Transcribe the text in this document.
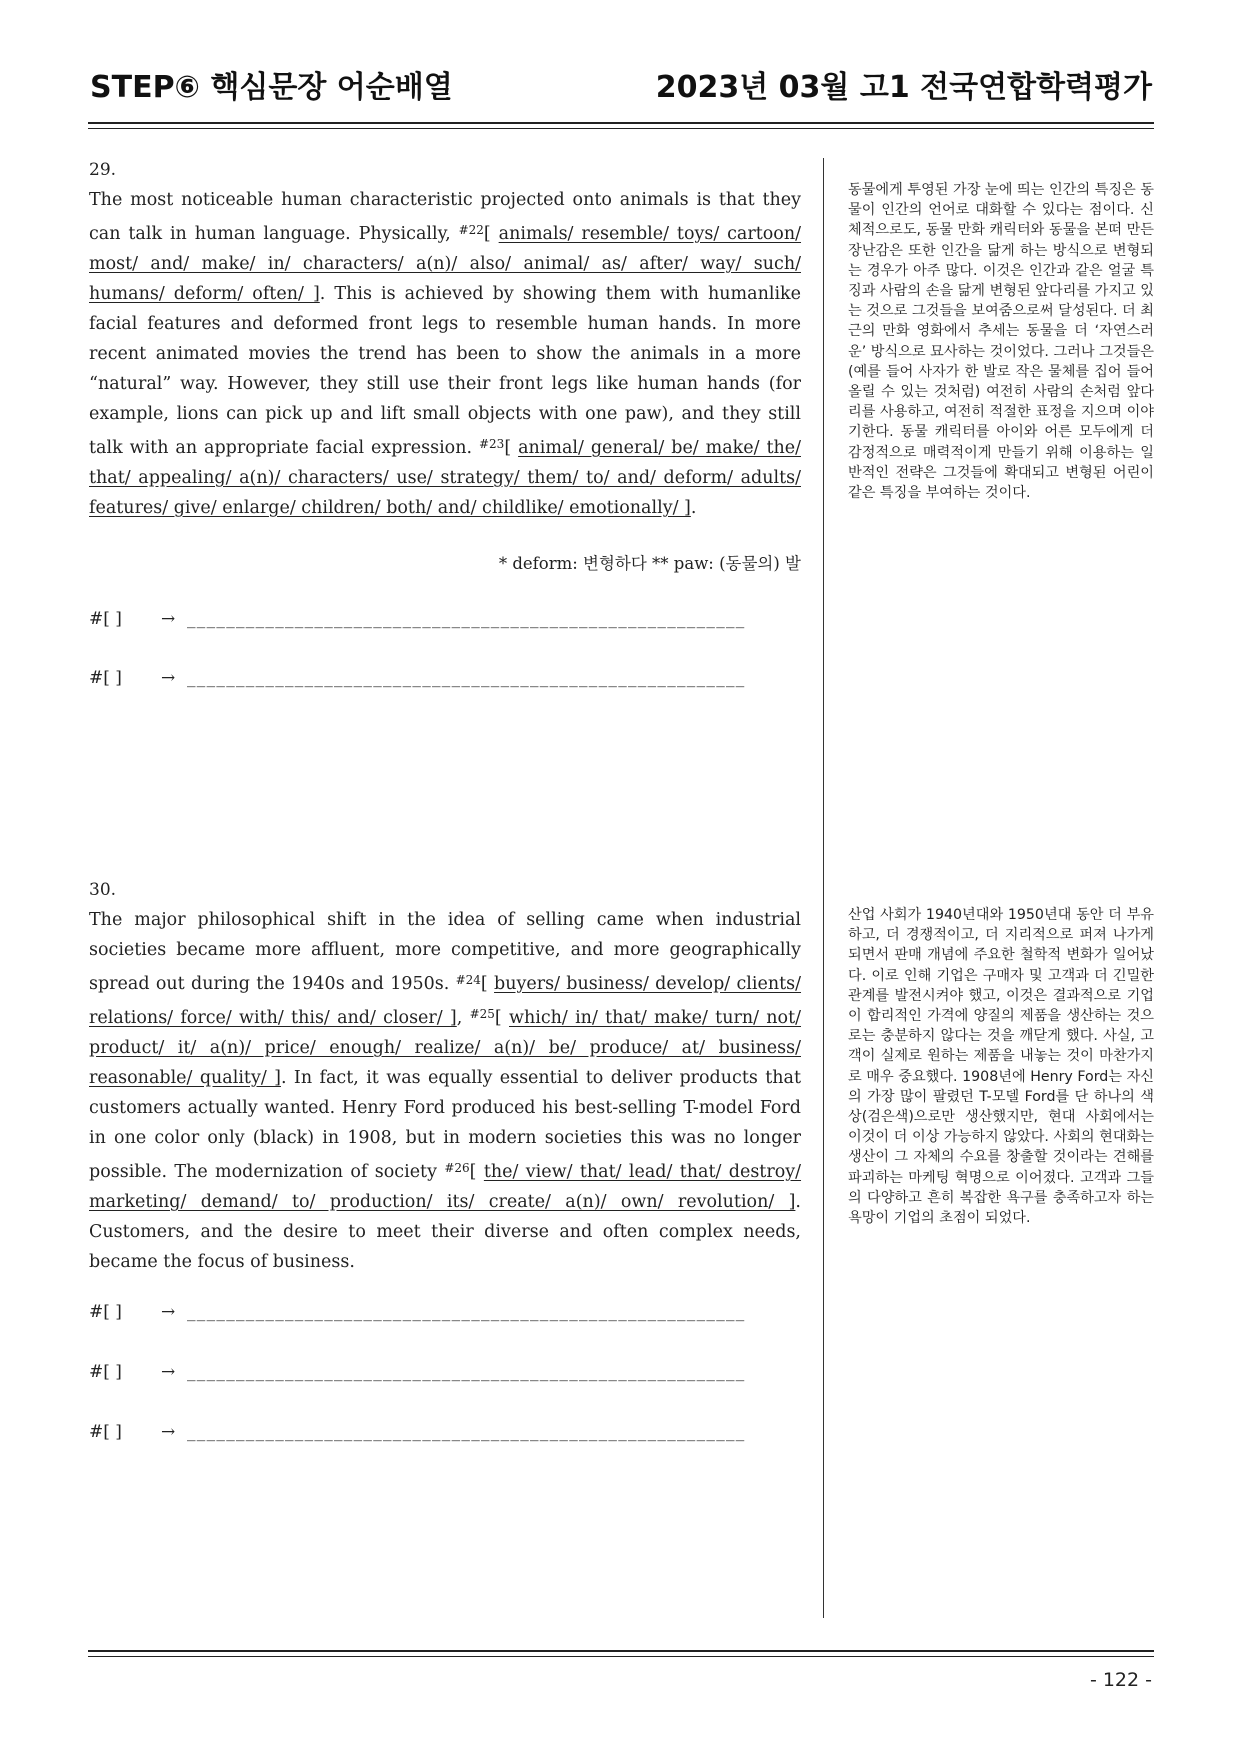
STEP⑥ 핵심문장 어순배열	2023년 03월 고1 전국연합학력평가
29.
The most noticeable human characteristic projected onto animals is that they can talk in human language. Physically, $^{\#22}$[ animals/ resemble/ toys/ cartoon/ most/ and/ make/ in/ characters/ a(n)/ also/ animal/ as/ after/ way/ such/ humans/ deform/ often/ ]. This is achieved by showing them with humanlike facial features and deformed front legs to resemble human hands. In more recent animated movies the trend has been to show the animals in a more “natural” way. However, they still use their front legs like human hands (for example, lions can pick up and lift small objects with one paw), and they still talk with an appropriate facial expression. $^{\#23}$[ animal/ general/ be/ make/ the/ that/ appealing/ a(n)/ characters/ use/ strategy/ them/ to/ and/ deform/ adults/ features/ give/ enlarge/ children/ both/ and/ childlike/ emotionally/ ].
* deform: 변형하다 ** paw: (동물의) 발
#[ ] → _________________________________________________________
#[ ] → _________________________________________________________
동물에게 투영된 가장 눈에 띄는 인간의 특징은 동물이 인간의 언어로 대화할 수 있다는 점이다. 신체적으로도, 동물 만화 캐릭터와 동물을 본떠 만든 장난감은 또한 인간을 닮게 하는 방식으로 변형되는 경우가 아주 많다. 이것은 인간과 같은 얼굴 특징과 사람의 손을 닮게 변형된 앞다리를 가지고 있는 것으로 그것들을 보여줌으로써 달성된다. 더 최근의 만화 영화에서 추세는 동물을 더 ‘자연스러운’ 방식으로 묘사하는 것이었다. 그러나 그것들은 (예를 들어 사자가 한 발로 작은 물체를 집어 들어 올릴 수 있는 것처럼) 여전히 사람의 손처럼 앞다리를 사용하고, 여전히 적절한 표정을 지으며 이야기한다. 동물 캐릭터를 아이와 어른 모두에게 더 감정적으로 매력적이게 만들기 위해 이용하는 일반적인 전략은 그것들에 확대되고 변형된 어린이 같은 특징을 부여하는 것이다.
30.
The major philosophical shift in the idea of selling came when industrial societies became more affluent, more competitive, and more geographically spread out during the 1940s and 1950s. $^{\#24}$[ buyers/ business/ develop/ clients/ relations/ force/ with/ this/ and/ closer/ ], $^{\#25}$[ which/ in/ that/ make/ turn/ not/ product/ it/ a(n)/ price/ enough/ realize/ a(n)/ be/ produce/ at/ business/ reasonable/ quality/ ]. In fact, it was equally essential to deliver products that customers actually wanted. Henry Ford produced his best-selling T-model Ford in one color only (black) in 1908, but in modern societies this was no longer possible. The modernization of society $^{\#26}$[ the/ view/ that/ lead/ that/ destroy/ marketing/ demand/ to/ production/ its/ create/ a(n)/ own/ revolution/ ]. Customers, and the desire to meet their diverse and often complex needs, became the focus of business.
#[ ] → _________________________________________________________
#[ ] → _________________________________________________________
#[ ] → _________________________________________________________
산업 사회가 1940년대와 1950년대 동안 더 부유하고, 더 경쟁적이고, 더 지리적으로 퍼져 나가게 되면서 판매 개념에 주요한 철학적 변화가 일어났다. 이로 인해 기업은 구매자 및 고객과 더 긴밀한 관계를 발전시켜야 했고, 이것은 결과적으로 기업이 합리적인 가격에 양질의 제품을 생산하는 것으로는 충분하지 않다는 것을 깨닫게 했다. 사실, 고객이 실제로 원하는 제품을 내놓는 것이 마찬가지로 매우 중요했다. 1908년에 Henry Ford는 자신의 가장 많이 팔렸던 T-모델 Ford를 단 하나의 색상(검은색)으로만 생산했지만, 현대 사회에서는 이것이 더 이상 가능하지 않았다. 사회의 현대화는 생산이 그 자체의 수요를 창출할 것이라는 견해를 파괴하는 마케팅 혁명으로 이어졌다. 고객과 그들의 다양하고 흔히 복잡한 욕구를 충족하고자 하는 욕망이 기업의 초점이 되었다.
- 122 -
